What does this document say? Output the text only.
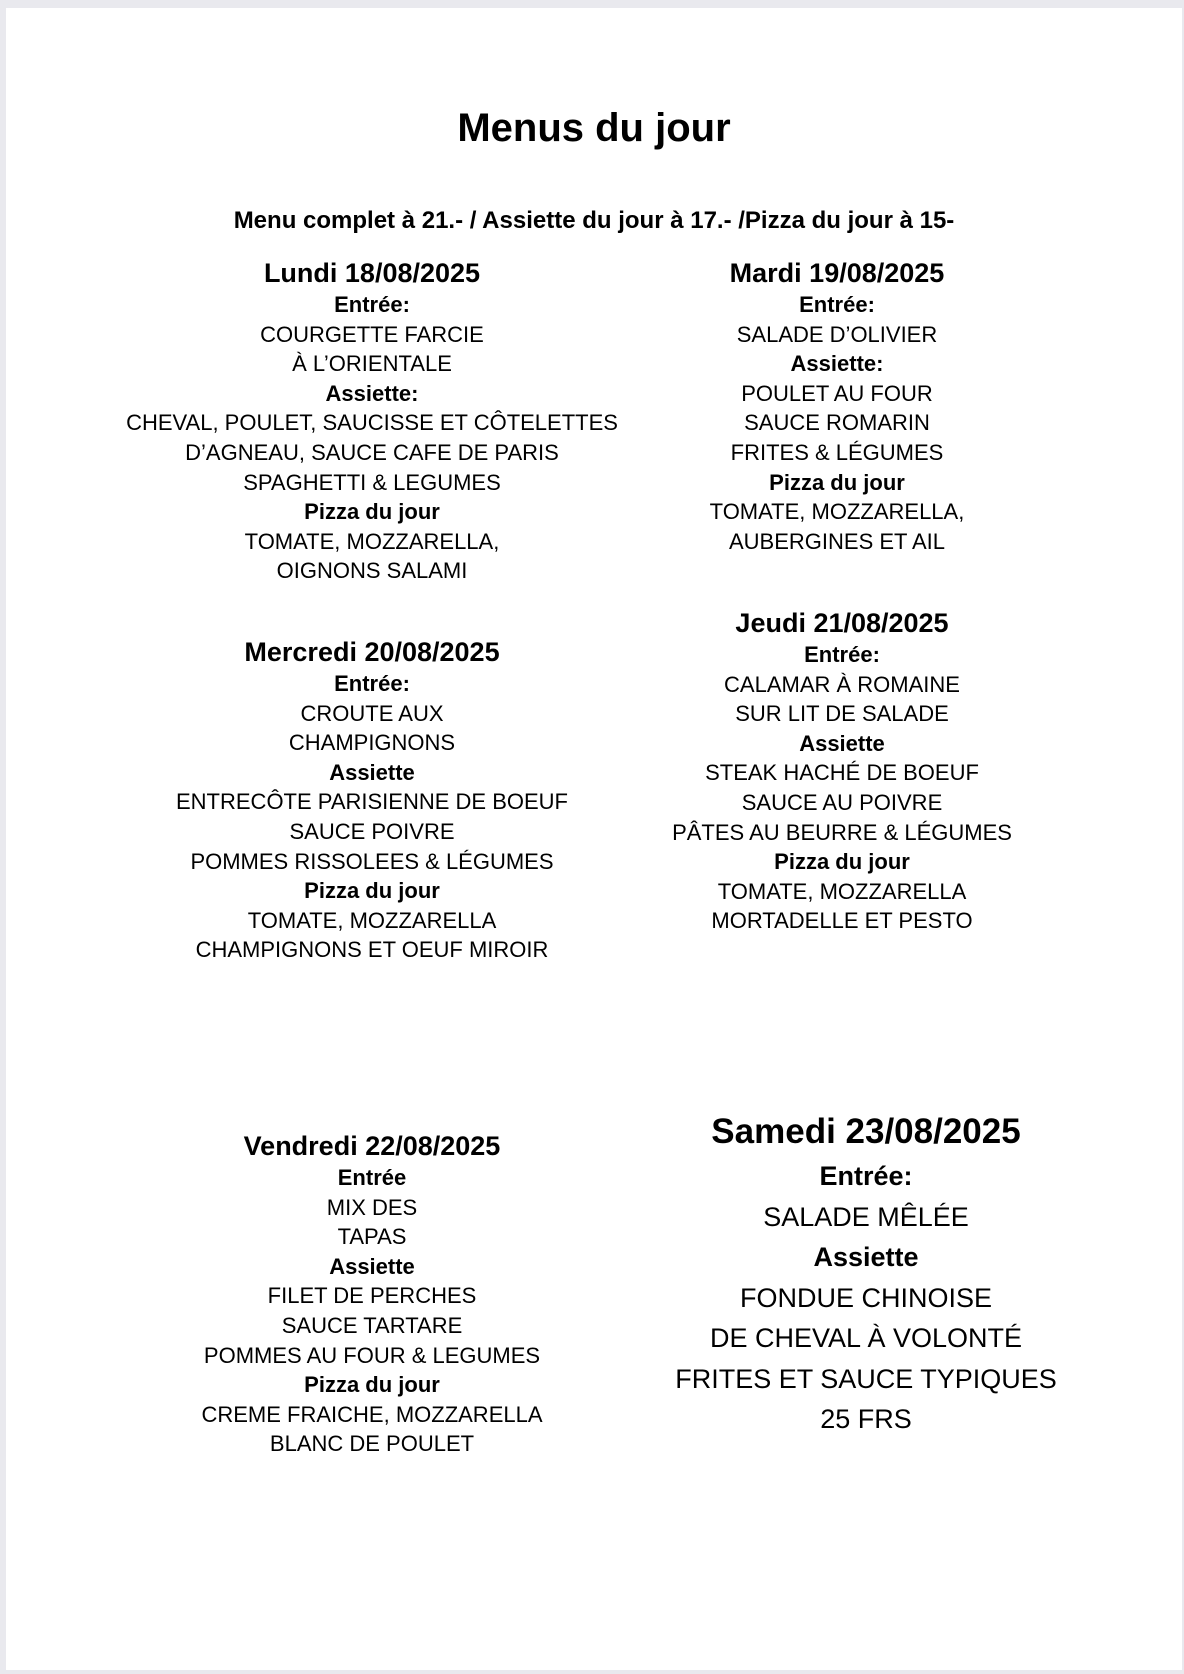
Menus du jour
Menu complet à 21.- / Assiette du jour à 17.- /Pizza du jour à 15-
Lundi 18/08/2025
Entrée:
COURGETTE FARCIE
À L’ORIENTALE
Assiette:
CHEVAL, POULET, SAUCISSE ET CÔTELETTES
D’AGNEAU, SAUCE CAFE DE PARIS
SPAGHETTI & LEGUMES
Pizza du jour
TOMATE, MOZZARELLA,
OIGNONS SALAMI
Mardi 19/08/2025
Entrée:
SALADE D’OLIVIER
Assiette:
POULET AU FOUR
SAUCE ROMARIN
FRITES & LÉGUMES
Pizza du jour
TOMATE, MOZZARELLA,
AUBERGINES ET AIL
Mercredi 20/08/2025
Entrée:
CROUTE AUX
CHAMPIGNONS
Assiette
ENTRECÔTE PARISIENNE DE BOEUF
SAUCE POIVRE
POMMES RISSOLEES & LÉGUMES
Pizza du jour
TOMATE, MOZZARELLA
CHAMPIGNONS ET OEUF MIROIR
Jeudi 21/08/2025
Entrée:
CALAMAR À ROMAINE
SUR LIT DE SALADE
Assiette
STEAK HACHÉ DE BOEUF
SAUCE AU POIVRE
PÂTES AU BEURRE & LÉGUMES
Pizza du jour
TOMATE, MOZZARELLA
MORTADELLE ET PESTO
Vendredi 22/08/2025
Entrée
MIX DES
TAPAS
Assiette
FILET DE PERCHES
SAUCE TARTARE
POMMES AU FOUR & LEGUMES
Pizza du jour
CREME FRAICHE, MOZZARELLA
BLANC DE POULET
Samedi 23/08/2025
Entrée:
SALADE MÊLÉE
Assiette
FONDUE CHINOISE
DE CHEVAL À VOLONTÉ
FRITES ET SAUCE TYPIQUES
25 FRS
